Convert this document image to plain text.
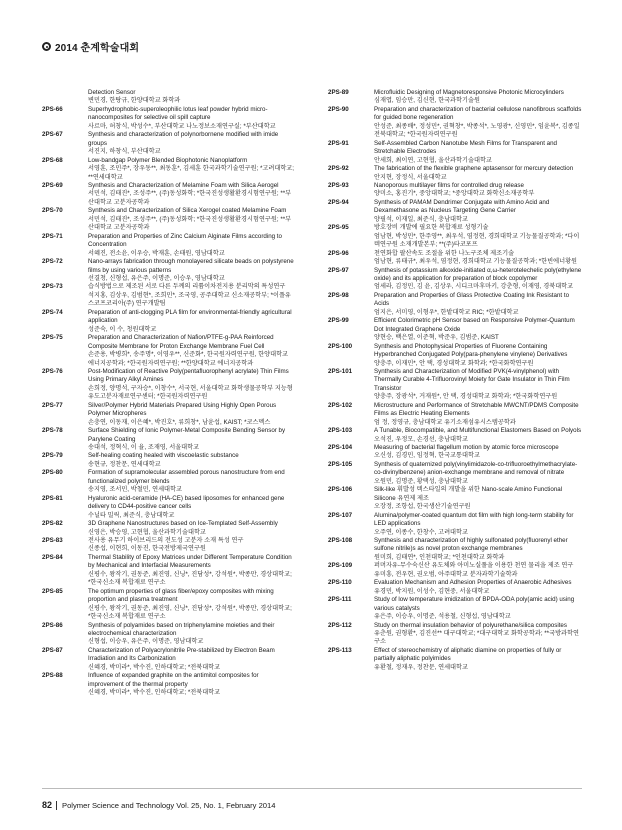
2014 춘계학술대회
Detection Sensor
변민경, 한탕규, 한양대학교 화학과
2PS-66	Superhydrophobic-superoleophilic lotus leaf powder hybrid micro-nanocomposites for selective oil spill capture
사르마, 허창식, 박성수*, 부산대학교 나노정보소재연구실; *부산대학교
2PS-67	Synthesis and characterization of polynorbornene modified with imide groups
서진지, 하창식, 부산대학교
2PS-68	Low-bandgap Polymer Blended Biophotonic Nanoplatform
서영훈, 조민주*, 장우동**, 최동훈*, 김세훈 한국과학기술연구원; *고려대학교; **연세대학교
2PS-69	Synthesis and Characterization of Melamine Foam with Silica Aerogel
서민석, 김태진*, 조성주**, (주)동성화학; *한국진성생활환경시험연구원; **부산대학교 고분자공학과
2PS-70	Synthesis and Characterization of Silica Xerogel coated Melamine Foam
서민석, 김태진*, 조성주**, (주)동성화학; *한국진성생활환경시험연구원; **부산대학교 고분자공학과
2PS-71	Preparation and Properties of Zinc Calcium Alginate Films according to Concentration
서혜진, 전소윤, 이우승, 박재훈, 손태원, 영남대학교
2PS-72	Nano-arrays fabrication through monolayered silicate beads on polystyrene films by using various patterns
선결청, 신형섭, 유은주, 이명준, 이승우, 영남대학교
2PS-73	습식방법으로 제조된 서로 다른 두께의 리튬이차전지용 분리막의 특성연구
석지홍, 김상우, 김범현*, 조희민*, 조국영, 공주대학교 신소재공학부; *이플유스코프코리아(주) 연구개발팀
2PS-74	Preparation of anti-clogging PLA film for environmental-friendly agricultural application
성준숙, 이 수, 청원대학교
2PS-75	Preparation and Characterization of Nafion/PTFE-g-PAA Reinforced Composite Membrane for Proton Exchange Membrane Fuel Cell
손준용, 박병희*, 송주명*, 이영우**, 신준화*, 한국원자력연구원, 한양대학교 에너지공학과; *한국원자력연구원; **한양대학교 에너지공학과
2PS-76	Post-Modification of Reactive Poly(pentafluorophenyl acrylate) Thin Films Using Primary Alkyl Amines
손희정, 양명석, 구자승*, 이창수*, 서국현, 서울대학교 화학생물공학부 지능형유도고분자재료연구센터; *한국원자력연구원
2PS-77	Silver/Polymer Hybrid Materials Prepared Using Highly Open Porous Polymer Micropheres
손충연, 이동재, 이은혜*, 박진호*, 류희창*, 남윤섭, KAIST; *코스멕스
2PS-78	Surface Shielding of Ionic Polymer-Metal Composite Bending Sensor by Parylene Coating
송대석, 정혁식, 이 율, 조재영, 서울대학교
2PS-79	Self-healing coating healed with viscoelastic substance
송현규, 정찬문, 연세대학교
2PS-80	Formation of supramolecular assembled porous nanostructure from end functionalized polymer blends
송지영, 조서민, 박철민, 연세대학교
2PS-81	Hyaluronic acid-ceramide (HA-CE) based liposomes for enhanced gene delivery to CD44-positive cancer cells
수닐타 밀릭, 최준식, 충남대학교
2PS-82	3D Graphene Nanostructures based on Ice-Templated Self-Assembly
신영은, 박승영, 고현협, 울산과학기술대학교
2PS-83	전사용 유무기 하이브리드의 전도성 고분자 소재 특성 연구
신종섭, 이현희, 이동진, 한국전방제국연구원
2PS-84	Thermal Stability of Epoxy Matrices under Different Temperature Condition by Mechanical and Interfacial Measurements
신평수, 왕작기, 권동준, 최진영, 신닝*, 진담성*, 강석원*, 박종만, 경상대학교; *한국신소재 복합재료 연구소
2PS-85	The optimum properties of glass fiber/epoxy composites with mixing proportion and plasma treatment
신평수, 왕작기, 권동준, 최진영, 신닝*, 진담성*, 강석원*, 박종만, 경상대학교; *한국신소재 복합재료 연구소
2PS-86	Synthesis of polyamides based on triphenylamine moieties and their electrochemical characterization
신형섭, 이승우, 유은주, 이명준, 영남대학교
2PS-87	Characterization of Polyacrylonitrile Pre-stabilized by Electron Beam Irradiation and Its Carbonization
신혜경, 박미라*, 박수진, 인하대학교; *전북대학교
2PS-88	Influence of expanded graphite on the antimitol composites for improvement of the thermal property
신혜경, 박미라*, 박수진, 인하대학교; *전북대학교
2PS-89	Microfluidic Designing of Magnetoresponsive Photonic Microcylinders
심재엽, 임승만, 김신현, 한국과학기술원
2PS-90	Preparation and characterization of bacterial cellulose nanofibrous scaffolds for guided bone regeneration
안성준, 최종배*, 정성민*, 권혁창*, 박종석*, 노영광*, 신영민*, 임윤복*, 김종일 전북대학교; *한국원자력연구원
2PS-91	Self-Assembled Carbon Nanotube Mesh Films for Transparent and Stretchable Electrodes
안세희, 최이연, 고현협, 울산과학기술대학교
2PS-92	The fabrication of the flexible graphene aptasensor for mercury detection
안지현, 장정식, 서울대학교
2PS-93	Nanoporous multilayer films for controlled drug release
양미소, 홍진기*, 중앙대학교; *중앙대학교 화학신소재공학부
2PS-94	Synthesis of PAMAM Dendrimer Conjugate with Amino Acid and Dexamethasone as Nucleus Targeting Gene Carrier
양필석, 이재일, 최준식, 충남대학교
2PS-95	방호장비 개발에 필요한 복합재료 성형기술
엄남현, 박성민*, 한주영**, 최우석, 염정현, 경희대학교 기능물질공학과; *다이텍연구원 소재개발본부; **(주)타코포프
2PS-96	천연화합 팔산속도 조절을 위한 나노구조체 제조기술
엄남현, 류태규*, 최우석, 염정현, 경희대학교 기능물질공학과; *한빈에너황원
2PS-97	Synthesis of potassium alkoxide-initiated α,ω-heterotelechelic poly(ethylene oxide) and its application for preparation of block copolymer
엄세라, 김정민, 김 윤, 김상우, 시디크마후마키, 강춘형, 이재영, 경북대학교
2PS-98	Preparation and Properties of Glass Protective Coating Ink Resistant to Acids
엄지은, 서미영, 이형우*, 한밭대학교 RIC; *한밭대학교
2PS-99	Efficient Colorimetric pH Sensor based on Responsive Polymer-Quantum Dot Integrated Graphene Oxide
양현승, 백은열, 이준혁, 박준우, 김범준, KAIST
2PS-100	Synthesis and Photophysical Properties of Fluorene Containing Hyperbranched Conjugated Poly(para-phenylene vinylene) Derivatives
양충주, 이재민*, 안 택, 경성대학교 화학과; *한국화학연구원
2PS-101	Synthesis and Characterization of Modified PVK(4-vinylphenol) with Thermally Curable 4-Trifluorovinyl Moiety for Gate Insulator in Thin Film Transistor
양충주, 장광석*, 거재원*, 안 택, 경성대학교 화학과; *한국화학연구원
2PS-102	Microstructure and Performance of Stretchable MWCNT/PDMS Composite Films as Electric Heating Elements
엄 정, 정영규, 충남대학교 유기소재섬유시스템공학과
2PS-103	A Tunable, Biocompatible, and Multifunctional Elastomers Based on Polyols
오석진, 우정모, 손경선, 충남대학교
2PS-104	Measuring of bacterial flagellum motion by atomic force microscope
오신성, 김경민, 임정혁, 한국교통대학교
2PS-105	Synthesis of quaternized poly(vinylimidazole-co-trifluoroethylmethacrylate-co-divinylbenzene) anion-exchange membrane and removal of nitrate
오원민, 김명준, 황택성, 충남대학교
2PS-106	Silk-like 휘발성 텍스타일의 개발을 위한 Nano-scale Amino Functional Silicone 유연제 제조
오장정, 조항섭, 한국생산기술연구원
2PS-107	Alumina/polymer-coated quantum dot film with high long-term stability for LED applications
오주연, 이종수, 한창수, 고려대학교
2PS-108	Synthesis and characterization of highly sulfonated poly(fluorenyl ether sulfone nitrile)s as novel proton exchange membranes
원미희, 김태연*, 인천대학교; *인천대학교 화학과
2PS-109	퍼머자유-무수숙신산 유도체와 아미노실풀을 이용한 천연 물리을 제조 연구
유미흥, 전우현, 권오범, 아주대학교 분자과학기술학과
2PS-110	Evaluation Mechanism and Adhesion Properties of Anaerobic Adhesives
유경민, 박지원, 이성수, 김현중, 서울대학교
2PS-111	Study of low temperature imidization of BPDA-ODA poly(amic acid) using various catalysts
유은주, 이승우, 이명준, 석용철, 신형섭, 영남대학교
2PS-112	Study on thermal insulation behavior of polyurethane/silica composites
유춘원, 권형환*, 김진선** 대구대학교; *대구대학교 화학공학과; **국방과학연구소
2PS-113	Effect of stereochemistry of aliphatic diamine on properties of fully or partially aliphatic polyimides
유환철, 정재우, 정찬문, 연세대학교
82 Polymer Science and Technology Vol. 25, No. 1, February 2014
